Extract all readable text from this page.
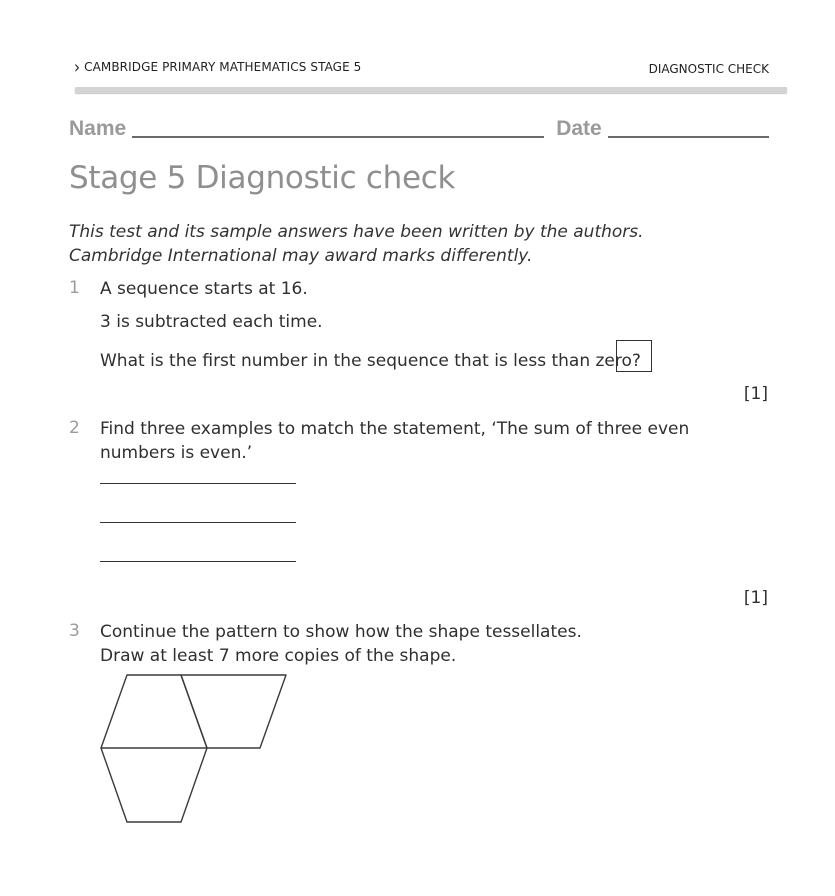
› CAMBRIDGE PRIMARY MATHEMATICS STAGE 5	DIAGNOSTIC CHECK
Name	Date
Stage 5 Diagnostic check
This test and its sample answers have been written by the authors.
Cambridge International may award marks differently.
1 A sequence starts at 16.
3 is subtracted each time.
What is the first number in the sequence that is less than zero?
[1]
2 Find three examples to match the statement, ‘The sum of three even
numbers is even.’
[1]
3 Continue the pattern to show how the shape tessellates.
Draw at least 7 more copies of the shape.
